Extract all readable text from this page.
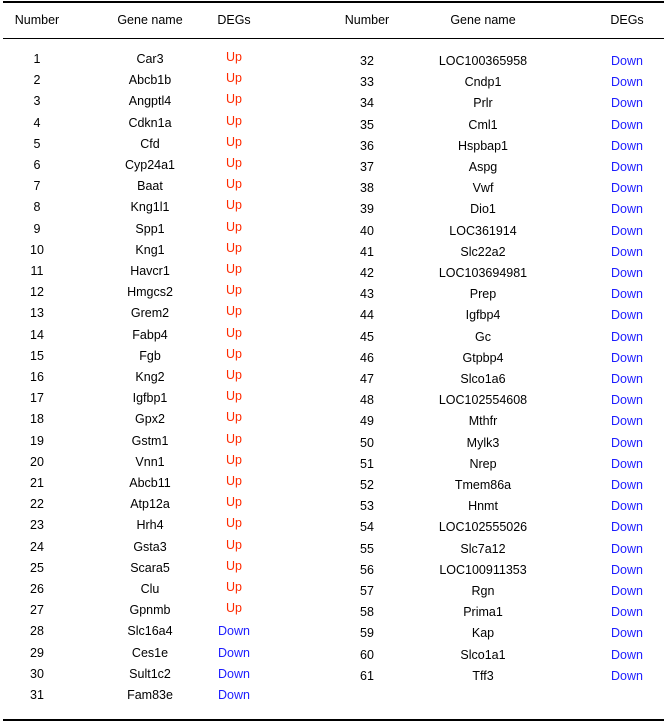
Number	Gene name	DEGs	Number	Gene name	DEGs
1	Car3	Up
2	Abcb1b	Up
3	Angptl4	Up
4	Cdkn1a	Up
5	Cfd	Up
6	Cyp24a1	Up
7	Baat	Up
8	Kng1l1	Up
9	Spp1	Up
10	Kng1	Up
11	Havcr1	Up
12	Hmgcs2	Up
13	Grem2	Up
14	Fabp4	Up
15	Fgb	Up
16	Kng2	Up
17	Igfbp1	Up
18	Gpx2	Up
19	Gstm1	Up
20	Vnn1	Up
21	Abcb11	Up
22	Atp12a	Up
23	Hrh4	Up
24	Gsta3	Up
25	Scara5	Up
26	Clu	Up
27	Gpnmb	Up
28	Slc16a4	Down
29	Ces1e	Down
30	Sult1c2	Down
31	Fam83e	Down
32	LOC100365958	Down
33	Cndp1	Down
34	Prlr	Down
35	Cml1	Down
36	Hspbap1	Down
37	Aspg	Down
38	Vwf	Down
39	Dio1	Down
40	LOC361914	Down
41	Slc22a2	Down
42	LOC103694981	Down
43	Prep	Down
44	Igfbp4	Down
45	Gc	Down
46	Gtpbp4	Down
47	Slco1a6	Down
48	LOC102554608	Down
49	Mthfr	Down
50	Mylk3	Down
51	Nrep	Down
52	Tmem86a	Down
53	Hnmt	Down
54	LOC102555026	Down
55	Slc7a12	Down
56	LOC100911353	Down
57	Rgn	Down
58	Prima1	Down
59	Kap	Down
60	Slco1a1	Down
61	Tff3	Down
